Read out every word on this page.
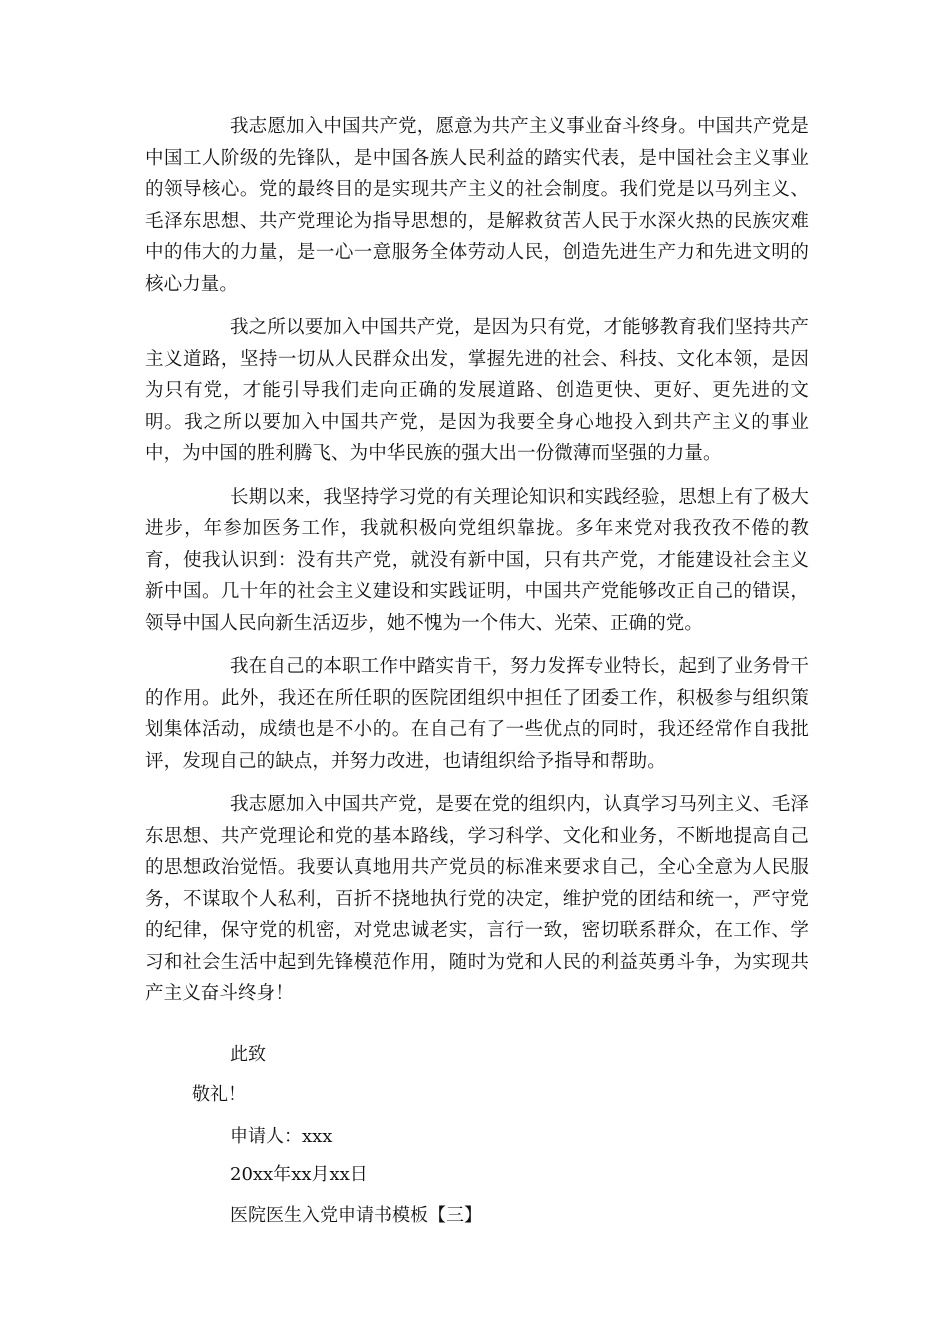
我志愿加入中国共产党，愿意为共产主义事业奋斗终身。中国共产党是中国工人阶级的先锋队，是中国各族人民利益的踏实代表，是中国社会主义事业的领导核心。党的最终目的是实现共产主义的社会制度。我们党是以马列主义、毛泽东思想、共产党理论为指导思想的，是解救贫苦人民于水深火热的民族灾难中的伟大的力量，是一心一意服务全体劳动人民，创造先进生产力和先进文明的核心力量。

我之所以要加入中国共产党，是因为只有党，才能够教育我们坚持共产主义道路，坚持一切从人民群众出发，掌握先进的社会、科技、文化本领，是因为只有党，才能引导我们走向正确的发展道路、创造更快、更好、更先进的文明。我之所以要加入中国共产党，是因为我要全身心地投入到共产主义的事业中，为中国的胜利腾飞、为中华民族的强大出一份微薄而坚强的力量。

长期以来，我坚持学习党的有关理论知识和实践经验，思想上有了极大进步，年参加医务工作，我就积极向党组织靠拢。多年来党对我孜孜不倦的教育，使我认识到：没有共产党，就没有新中国，只有共产党，才能建设社会主义新中国。几十年的社会主义建设和实践证明，中国共产党能够改正自己的错误，领导中国人民向新生活迈步，她不愧为一个伟大、光荣、正确的党。

我在自己的本职工作中踏实肯干，努力发挥专业特长，起到了业务骨干的作用。此外，我还在所任职的医院团组织中担任了团委工作，积极参与组织策划集体活动，成绩也是不小的。在自己有了一些优点的同时，我还经常作自我批评，发现自己的缺点，并努力改进，也请组织给予指导和帮助。

我志愿加入中国共产党，是要在党的组织内，认真学习马列主义、毛泽东思想、共产党理论和党的基本路线，学习科学、文化和业务，不断地提高自己的思想政治觉悟。我要认真地用共产党员的标准来要求自己，全心全意为人民服务，不谋取个人私利，百折不挠地执行党的决定，维护党的团结和统一，严守党的纪律，保守党的机密，对党忠诚老实，言行一致，密切联系群众，在工作、学习和社会生活中起到先锋模范作用，随时为党和人民的利益英勇斗争，为实现共产主义奋斗终身！

此致
敬礼！
申请人：xxx
20xx年xx月xx日
医院医生入党申请书模板【三】
